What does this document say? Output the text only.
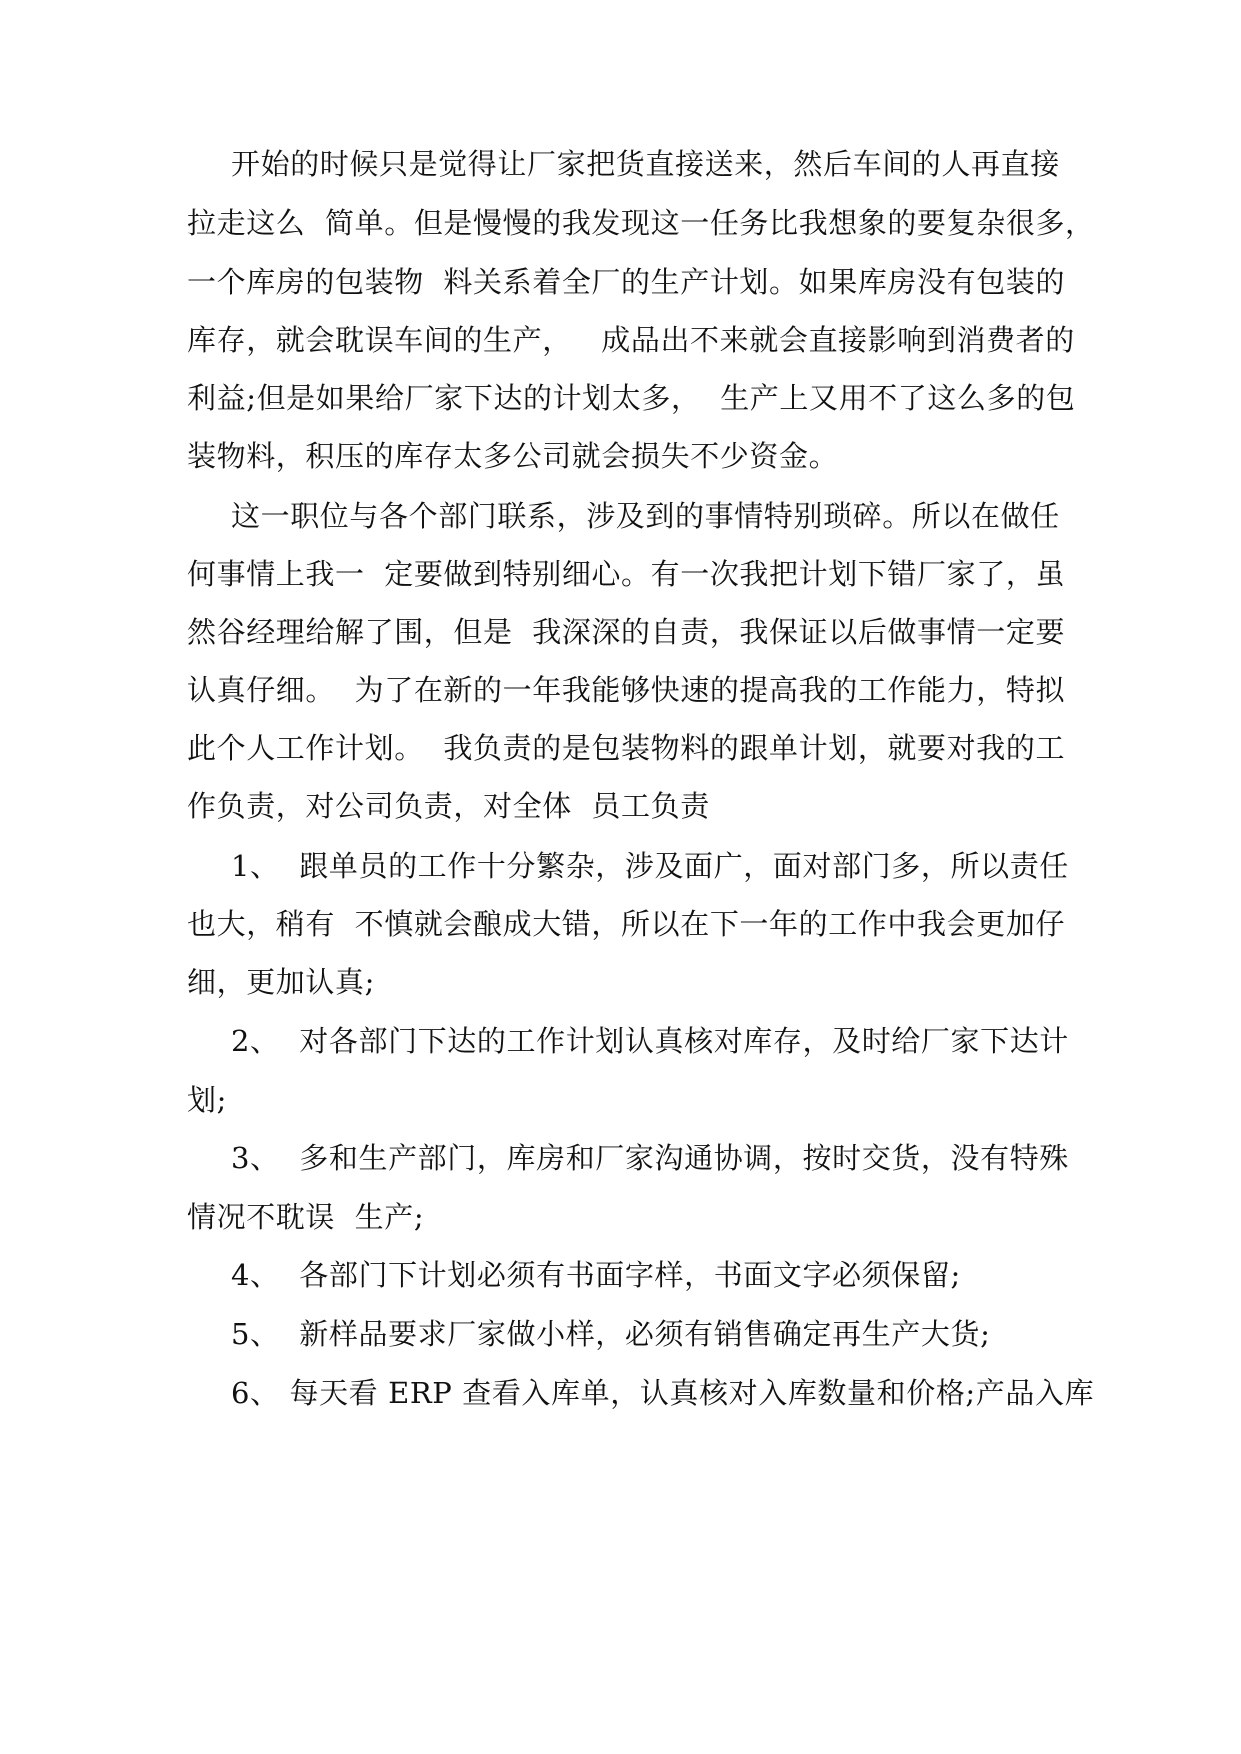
开始的时候只是觉得让厂家把货直接送来，然后车间的人再直接
拉走这么  简单。但是慢慢的我发现这一任务比我想象的要复杂很多，
一个库房的包装物  料关系着全厂的生产计划。如果库房没有包装的
库存，就会耽误车间的生产，   成品出不来就会直接影响到消费者的
利益;但是如果给厂家下达的计划太多，  生产上又用不了这么多的包
装物料，积压的库存太多公司就会损失不少资金。
这一职位与各个部门联系，涉及到的事情特别琐碎。所以在做任
何事情上我一  定要做到特别细心。有一次我把计划下错厂家了，虽
然谷经理给解了围，但是  我深深的自责，我保证以后做事情一定要
认真仔细。  为了在新的一年我能够快速的提高我的工作能力，特拟
此个人工作计划。  我负责的是包装物料的跟单计划，就要对我的工
作负责，对公司负责，对全体  员工负责
1、  跟单员的工作十分繁杂，涉及面广，面对部门多，所以责任
也大，稍有  不慎就会酿成大错，所以在下一年的工作中我会更加仔
细，更加认真;
2、  对各部门下达的工作计划认真核对库存，及时给厂家下达计
划;
3、  多和生产部门，库房和厂家沟通协调，按时交货，没有特殊
情况不耽误  生产;
4、  各部门下计划必须有书面字样，书面文字必须保留;
5、  新样品要求厂家做小样，必须有销售确定再生产大货;
6、 每天看 ERP 查看入库单，认真核对入库数量和价格;产品入库
